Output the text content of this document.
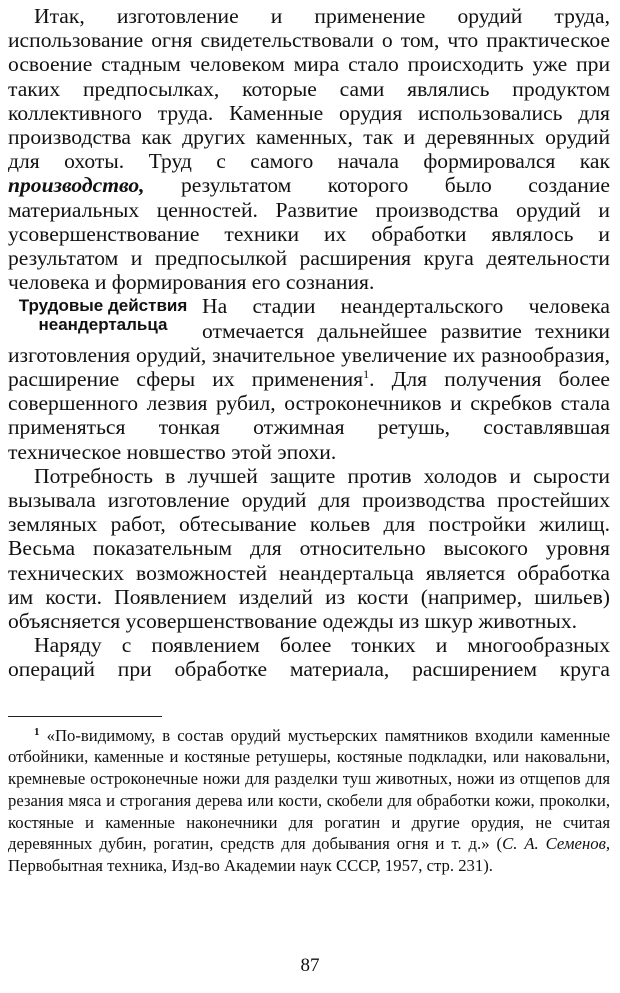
Итак, изготовление и применение орудий труда, использование огня свидетельствовали о том, что практическое освоение стадным человеком мира стало происходить уже при таких предпосылках, которые сами являлись продуктом коллективного труда. Каменные орудия использовались для производства как других каменных, так и деревянных орудий для охоты. Труд с самого начала формировался как производство, результатом которого было создание материальных ценностей. Развитие производства орудий и усовершенствование техники их обработки являлось и результатом и предпосылкой расширения круга деятельности человека и формирования его сознания.

Трудовые действия неандертальца

На стадии неандертальского человека отмечается дальнейшее развитие техники изготовления орудий, значительное увеличение их разнообразия, расширение сферы их применения$^1$. Для получения более совершенного лезвия рубил, остроконечников и скребков стала применяться тонкая отжимная ретушь, составлявшая техническое новшество этой эпохи.

Потребность в лучшей защите против холодов и сырости вызывала изготовление орудий для производства простейших земляных работ, обтесывание кольев для постройки жилищ. Весьма показательным для относительно высокого уровня технических возможностей неандертальца является обработка им кости. Появлением изделий из кости (например, шильев) объясняется усовершенствование одежды из шкур животных.

Наряду с появлением более тонких и многообразных операций при обработке материала, расширением круга

$^1$ «По-видимому, в состав орудий мустьерских памятников входили каменные отбойники, каменные и костяные ретушеры, костяные подкладки, или наковальни, кремневые остроконечные ножи для разделки туш животных, ножи из отщепов для резания мяса и строгания дерева или кости, скобели для обработки кожи, проколки, костяные и каменные наконечники для рогатин и другие орудия, не считая деревянных дубин, рогатин, средств для добывания огня и т. д.» (С. А. Семенов, Первобытная техника, Изд-во Академии наук СССР, 1957, стр. 231).

87
